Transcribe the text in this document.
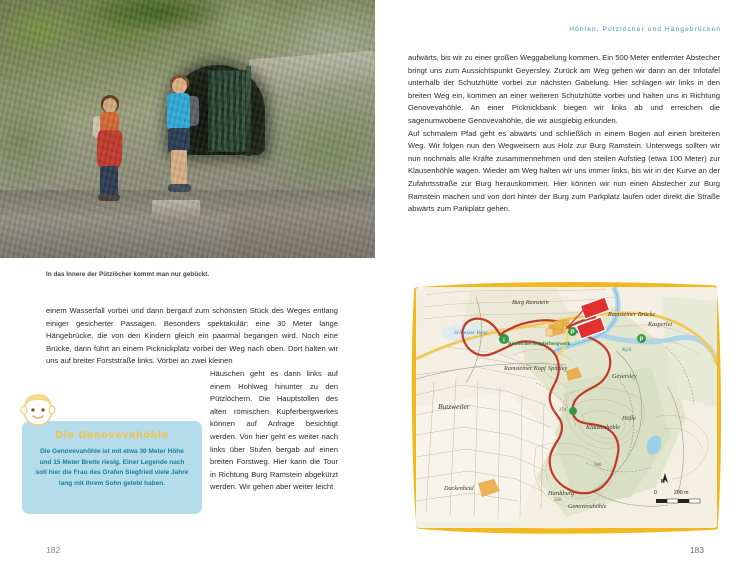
In das Innere der Pützlöcher kommt man nur gebückt.
einem Wasserfall vorbei und dann bergauf zum schönsten Stück des Weges entlang einiger gesicherter Passagen. Besonders spektakulär: eine 30 Meter lange Hängebrücke, die von den Kindern gleich ein paarmal begangen wird. Noch eine Brücke, dann führt an einem Picknickplatz vorbei der Weg nach oben. Dort halten wir uns auf breiter Forststraße links. Vorbei an zwei kleinen
Häuschen geht es dann links auf einem Hohlweg hinunter zu den Pützlöchern. Die Hauptstollen des alten römischen Kupferbergwerkes können auf Anfrage besichtigt werden. Von hier geht es weiter nach links über Stufen bergab auf einen breiten Forstweg. Hier kann die Tour in Richtung Burg Ramstein abgekürzt werden. Wir gehen aber weiter leicht
Die Genovevahöhle
Die Genovevahöhle ist mit etwa 30 Meter Höhe und 15 Meter Breite riesig. Einer Legende nach soll hier die Frau des Grafen Siegfried viele Jahre lang mit ihrem Sohn gelebt haben.
182
Höhlen, Pützlöcher und Hängebrücken

aufwärts, bis wir zu einer großen Weggabelung kommen. Ein 500 Meter entfernter Abstecher bringt uns zum Aussichtspunkt Geyersley. Zurück am Weg gehen wir dann an der Infotafel unterhalb der Schutzhütte vorbei zur nächsten Gabelung. Hier schlagen wir links in den breiten Weg ein, kommen an einer weiteren Schutzhütte vorbei und halten uns in Richtung Genovevahöhle. An einer Picknickbank biegen wir links ab und erreichen die sagenumwobene Genovevahöhle, die wir ausgiebig erkunden.

Auf schmalem Pfad geht es abwärts und schließlich in einem Bogen auf einen breiteren Weg. Wir folgen nun den Wegweisern aus Holz zur Burg Ramstein. Unterwegs sollten wir nun nochmals alle Kräfte zusammennehmen und den steilen Aufstieg (etwa 100 Meter) zur Klausenhöhle wagen. Wieder am Weg halten wir uns immer links, bis wir in der Kurve an der Zufahrtsstraße zur Burg herauskommen. Hier können wir nun einen Abstecher zur Burg Ramstein machen und von dort hinter der Burg zum Parkplatz laufen oder direkt die Straße abwärts zum Parkplatz gehen.

i
P
P
Burg Ramstein
Ramsteiner Brücke
Kasperlei
Kyll
Schiesser Berg
Römisches Kupferbergwerk
Ramsteiner Kopf Spitzley
Geyersley
Butzweiler
Höfle
274
Klausenhöhle
306
Dackenheid
Hardtburg
356
Genovevahöhle
N
0	200 m
183
